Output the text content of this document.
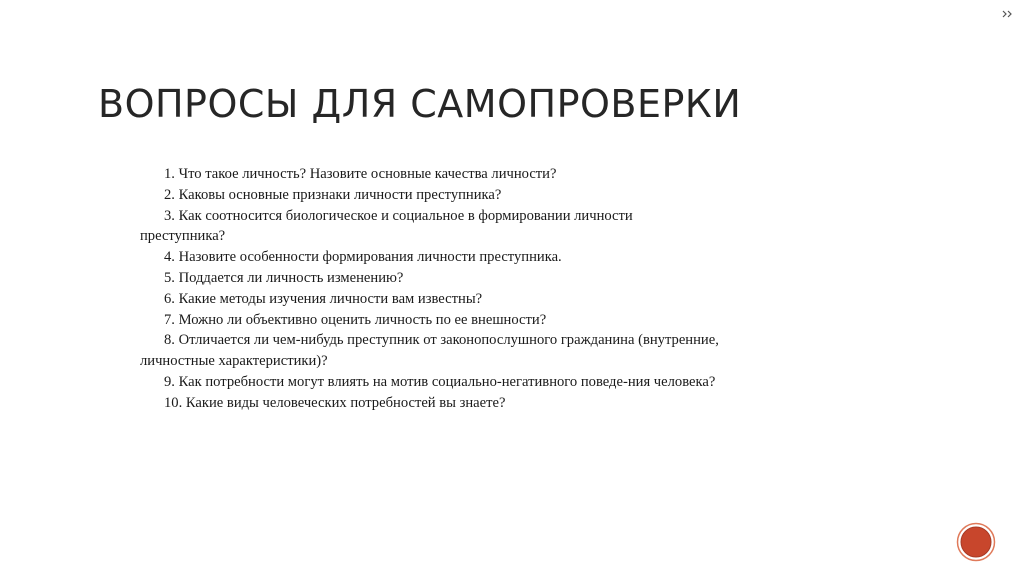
ВОПРОСЫ ДЛЯ САМОПРОВЕРКИ
1. Что такое личность? Назовите основные качества личности?
2. Каковы основные признаки личности преступника?
3. Как соотносится биологическое и социальное в формировании личности преступника?
4. Назовите особенности формирования личности преступника.
5. Поддается ли личность изменению?
6. Какие методы изучения личности вам известны?
7. Можно ли объективно оценить личность по ее внешности?
8. Отличается ли чем-нибудь преступник от законопослушного гражданина (внутренние, личностные характеристики)?
9. Как потребности могут влиять на мотив социально-негативного поведе-ния человека?
10. Какие виды человеческих потребностей вы знаете?
